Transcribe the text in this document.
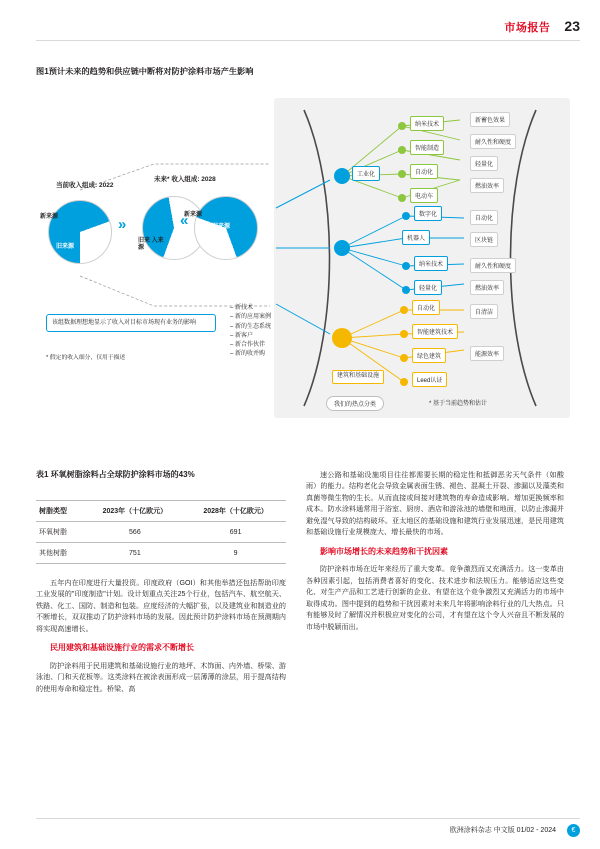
市场报告 23
图1预计未来的趋势和供应链中断将对防护涂料市场产生影响
工业化
机器人
建筑和基础设施
纳米技术
智能制造
自动化
电动车
数字化
纳米技术
轻量化
自动化
智能建筑技术
绿色建筑
Leed认证
新蓄色效果
耐久性和硬度
轻量化
燃油效率
自动化
区块链
耐久性和硬度
燃油效率
自清洁
能源效率
我们的热点分类	* 基于当前趋势和估计
当前收入组成: 2022
未来* 收入组成: 2028
新来源
旧来源
»
旧来 入来源
»
新来源
旧来源
该组数据理想地显示了收入对目标市场现有业务的影响
* 假定的收入细分，仅用于描述
– 新技术
– 新的应用案例
– 新的生态系统
– 新客户
– 新合作伙伴
– 新的收并购
表1 环氧树脂涂料占全球防护涂料市场的43%
树脂类型	2023年（十亿欧元）	2028年（十亿欧元）
环氧树脂	566	691
其他树脂	751	9

五年内在印度进行大量投资。印度政府（GOI）和其他举措还包括帮助印度工业发展的"印度制造"计划。设计划重点关注25个行业，包括汽车、航空航天、铁路、化工、国防、制造和包装。应度经济的大幅扩张，以及建筑业和制造业的不断增长，双双推动了防护涂料市场的发展。因此预计防护涂料市场在预测期内将实现高速增长。

民用建筑和基础设施行业的需求不断增长

防护涂料用于民用建筑和基础设施行业的地坪、木饰面、内外墙、桥梁、游泳池、门和天花板等。这类涂料在被涂表面形成一层薄薄的涂层，用于提高结构的使用寿命和稳定性。桥梁、高

速公路和基础设施项目往往都需要长期的稳定性和抵御恶劣天气条件（如酸雨）的能力。结构老化会导致金属表面生锈、褪色、混凝土开裂、渗漏以及藻类和真菌等微生物的生长。从而直接或间接对建筑物的寿命造成影响。增加更换频率和成本。防水涂料通常用于浴室、厨房、酒店和游泳池的墙壁和地面，以防止渗漏并避免湿气导致的结构破坏。亚太地区的基础设施和建筑行业发展迅速，是民用建筑和基础设施行业规模庞大、增长最快的市场。

影响市场增长的未来趋势和干扰因素

防护涂料市场在近年来经历了重大变革。竞争激烈而又充满活力。这一变革由各种因素引起，包括消费者喜好的变化、技术进步和法规压力。能够适应这些变化、对生产产品和工艺进行创新的企业、有望在这个竞争激烈又充满活力的市场中取得成功。图中提到的趋势和干扰因素对未来几年将影响涂料行业的几大热点。只有能够及时了解情况并积极应对变化的公司，才有望在这个令人兴奋且不断发展的市场中脱颖而出。

欧洲涂料杂志 中文版 01/02 - 2024	€
